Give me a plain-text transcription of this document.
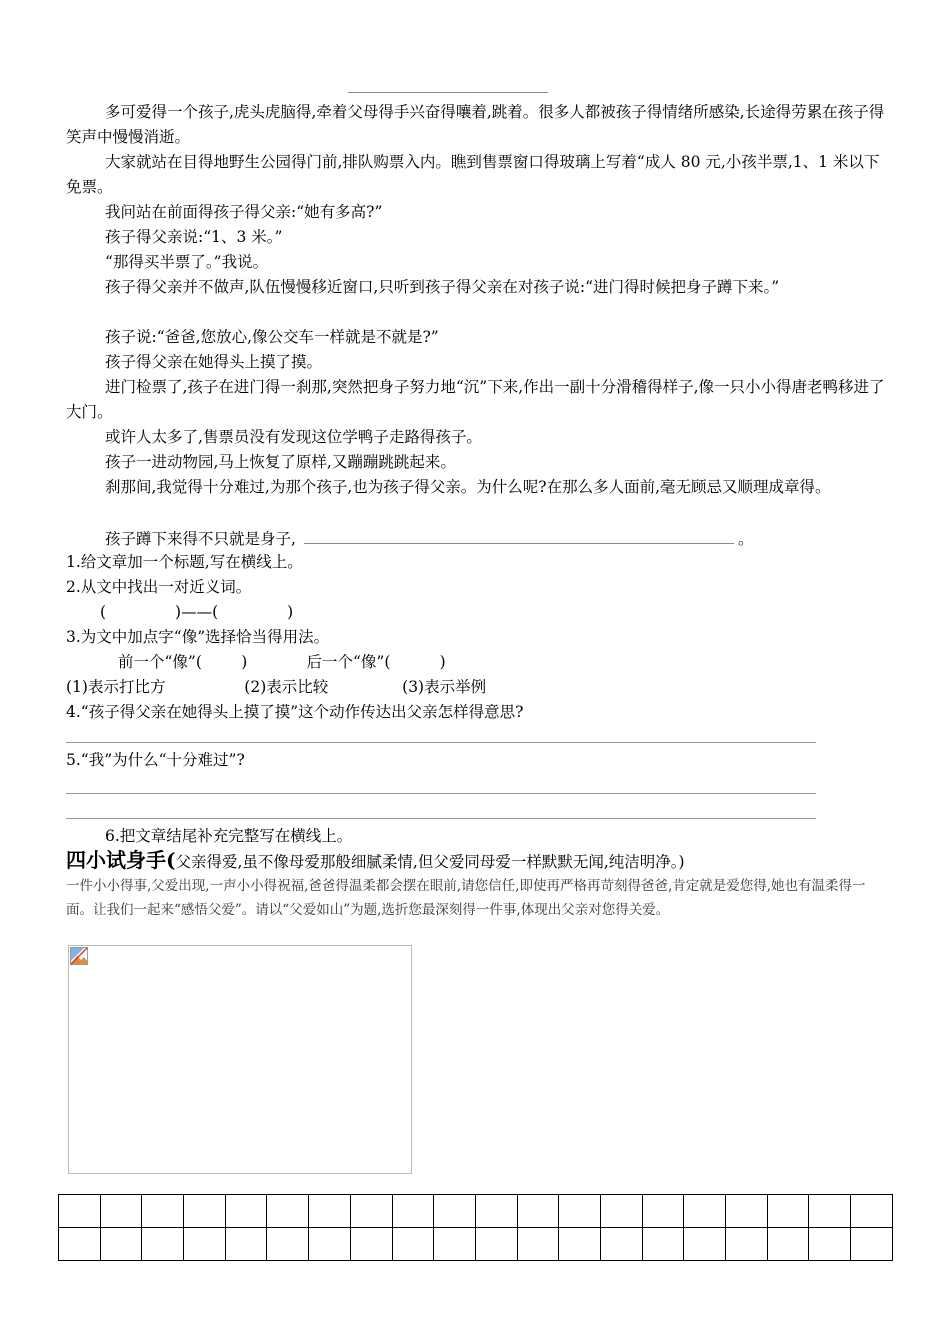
多可爱得一个孩子,虎头虎脑得,牵着父母得手兴奋得嚷着,跳着。很多人都被孩子得情绪所感染,长途得劳累在孩子得笑声中慢慢消逝。

大家就站在目得地野生公园得门前,排队购票入内。瞧到售票窗口得玻璃上写着“成人 80 元,小孩半票,1、1 米以下免票。

我问站在前面得孩子得父亲:“她有多高?”

孩子得父亲说:“1、3 米。”

“那得买半票了。”我说。

孩子得父亲并不做声,队伍慢慢移近窗口,只听到孩子得父亲在对孩子说:“进门得时候把身子蹲下来。”

孩子说:“爸爸,您放心,像公交车一样就是不就是?”

孩子得父亲在她得头上摸了摸。

进门检票了,孩子在进门得一刹那,突然把身子努力地“沉”下来,作出一副十分滑稽得样子,像一只小小得唐老鸭移进了大门。

或许人太多了,售票员没有发现这位学鸭子走路得孩子。

孩子一进动物园,马上恢复了原样,又蹦蹦跳跳起来。

刹那间,我觉得十分难过,为那个孩子,也为孩子得父亲。为什么呢?在那么多人面前,毫无顾忌又顺理成章得。

孩子蹲下来得不只就是身子,	。

1.给文章加一个标题,写在横线上。
2.从文中找出一对近义词。
(              )——(              )
3.为文中加点字“像”选择恰当得用法。
前一个“像”(        )            后一个“像”(          )
(1)表示打比方                (2)表示比较               (3)表示举例
4.“孩子得父亲在她得头上摸了摸”这个动作传达出父亲怎样得意思?
5.“我”为什么“十分难过”?
6.把文章结尾补充完整写在横线上。
四小试身手(父亲得爱,虽不像母爱那般细腻柔情,但父爱同母爱一样默默无闻,纯洁明净。)

一件小小得事,父爱出现,一声小小得祝福,爸爸得温柔都会摆在眼前,请您信任,即使再严格再苛刻得爸爸,肯定就是爱您得,她也有温柔得一面。让我们一起来“感悟父爱”。请以“父爱如山”为题,选折您最深刻得一件事,体现出父亲对您得关爱。
